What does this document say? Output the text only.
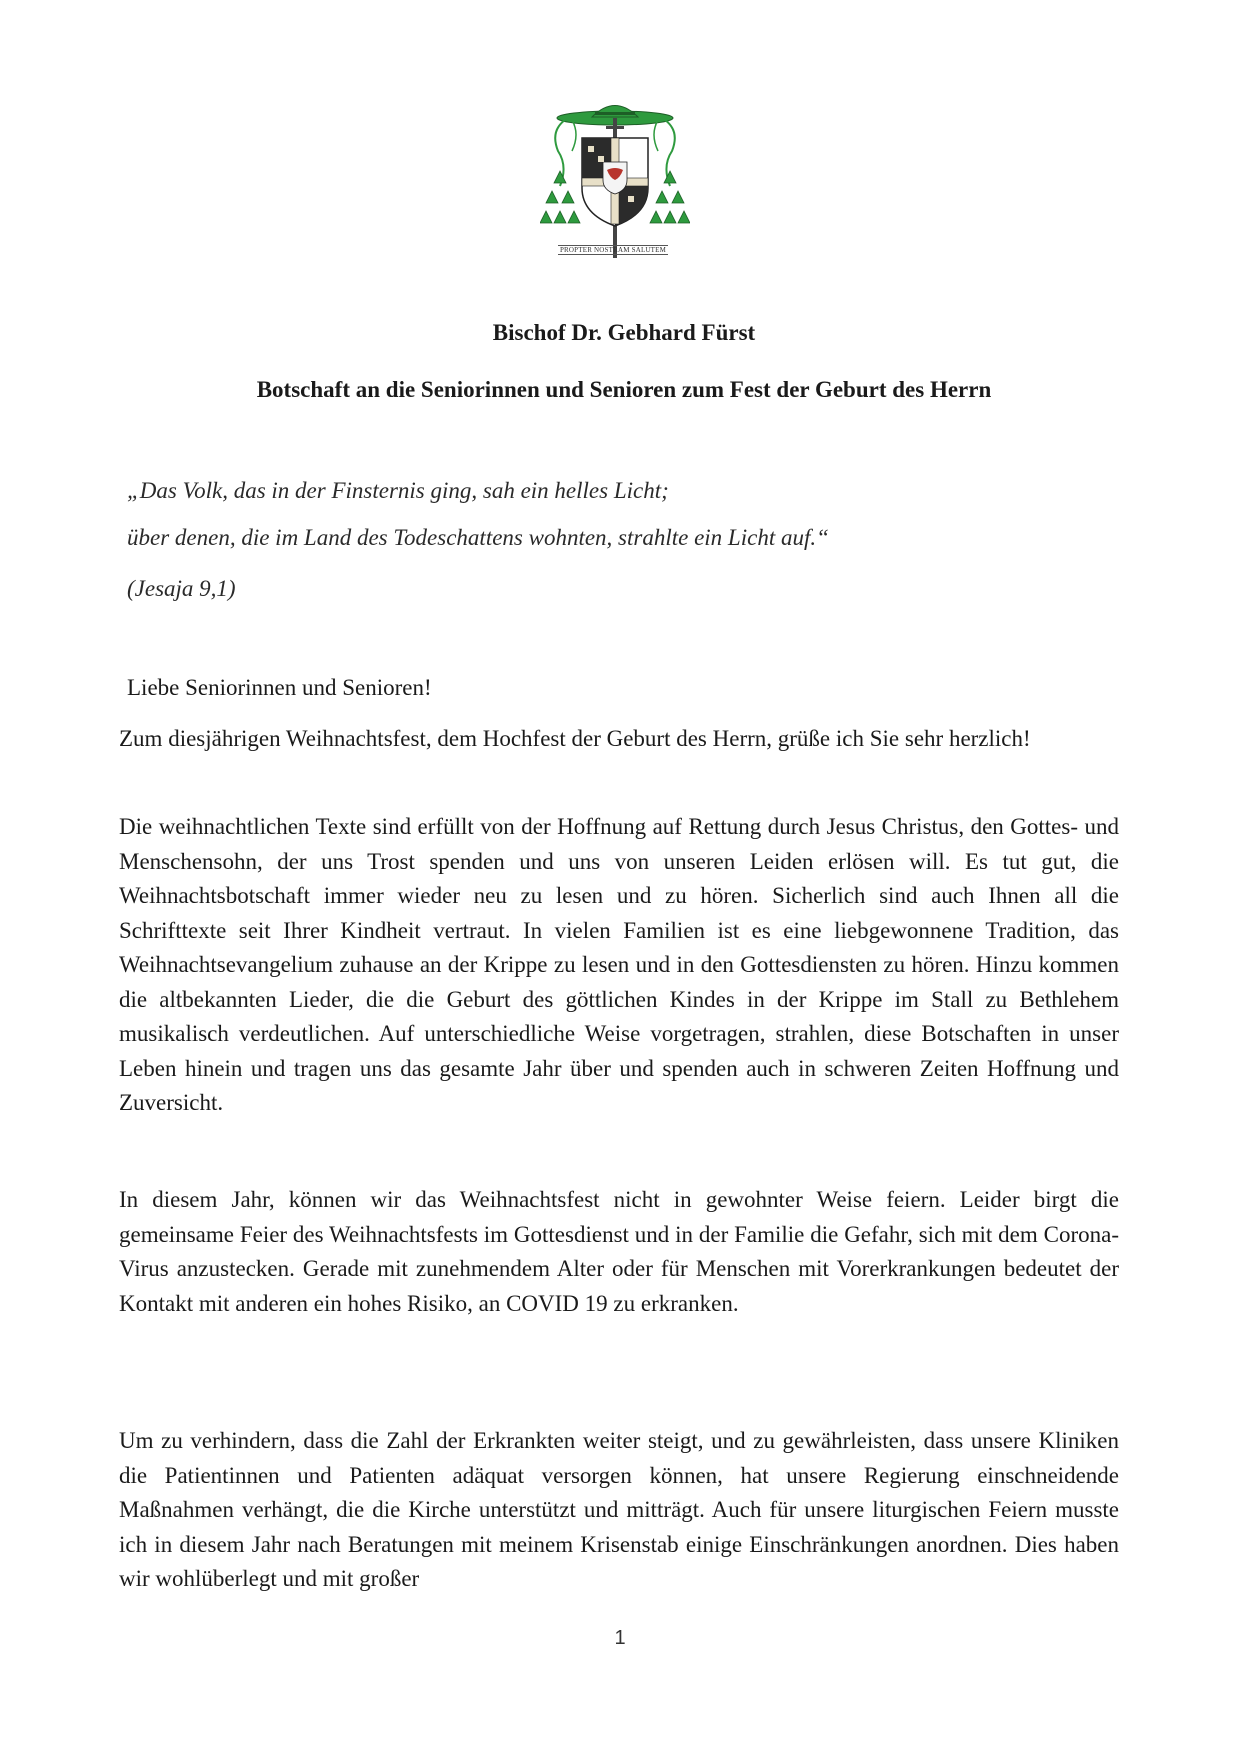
PROPTER NOSTRAM SALUTEM
Bischof Dr. Gebhard Fürst
Botschaft an die Seniorinnen und Senioren zum Fest der Geburt des Herrn
„Das Volk, das in der Finsternis ging, sah ein helles Licht;
über denen, die im Land des Todeschattens wohnten, strahlte ein Licht auf.“
(Jesaja 9,1)
Liebe Seniorinnen und Senioren!
Zum diesjährigen Weihnachtsfest, dem Hochfest der Geburt des Herrn, grüße ich Sie sehr herzlich!
Die weihnachtlichen Texte sind erfüllt von der Hoffnung auf Rettung durch Jesus Christus, den Gottes- und Menschensohn, der uns Trost spenden und uns von unseren Leiden erlösen will. Es tut gut, die Weihnachtsbotschaft immer wieder neu zu lesen und zu hören. Sicherlich sind auch Ihnen all die Schrifttexte seit Ihrer Kindheit vertraut. In vielen Familien ist es eine liebgewonnene Tradition, das Weihnachtsevangelium zuhause an der Krippe zu lesen und in den Gottesdiensten zu hören. Hinzu kommen die altbekannten Lieder, die die Geburt des göttlichen Kindes in der Krippe im Stall zu Bethlehem musikalisch verdeutlichen. Auf unterschiedliche Weise vorgetragen, strahlen, diese Botschaften in unser Leben hinein und tragen uns das gesamte Jahr über und spenden auch in schweren Zeiten Hoffnung und Zuversicht.
In diesem Jahr, können wir das Weihnachtsfest nicht in gewohnter Weise feiern. Leider birgt die gemeinsame Feier des Weihnachtsfests im Gottesdienst und in der Familie die Gefahr, sich mit dem Corona-Virus anzustecken. Gerade mit zunehmendem Alter oder für Menschen mit Vorerkrankungen bedeutet der Kontakt mit anderen ein hohes Risiko, an COVID 19 zu erkranken.
Um zu verhindern, dass die Zahl der Erkrankten weiter steigt, und zu gewährleisten, dass unsere Kliniken die Patientinnen und Patienten adäquat versorgen können, hat unsere Regierung einschneidende Maßnahmen verhängt, die die Kirche unterstützt und mitträgt. Auch für unsere liturgischen Feiern musste ich in diesem Jahr nach Beratungen mit meinem Krisenstab einige Einschränkungen anordnen. Dies haben wir wohlüberlegt und mit großer
1
